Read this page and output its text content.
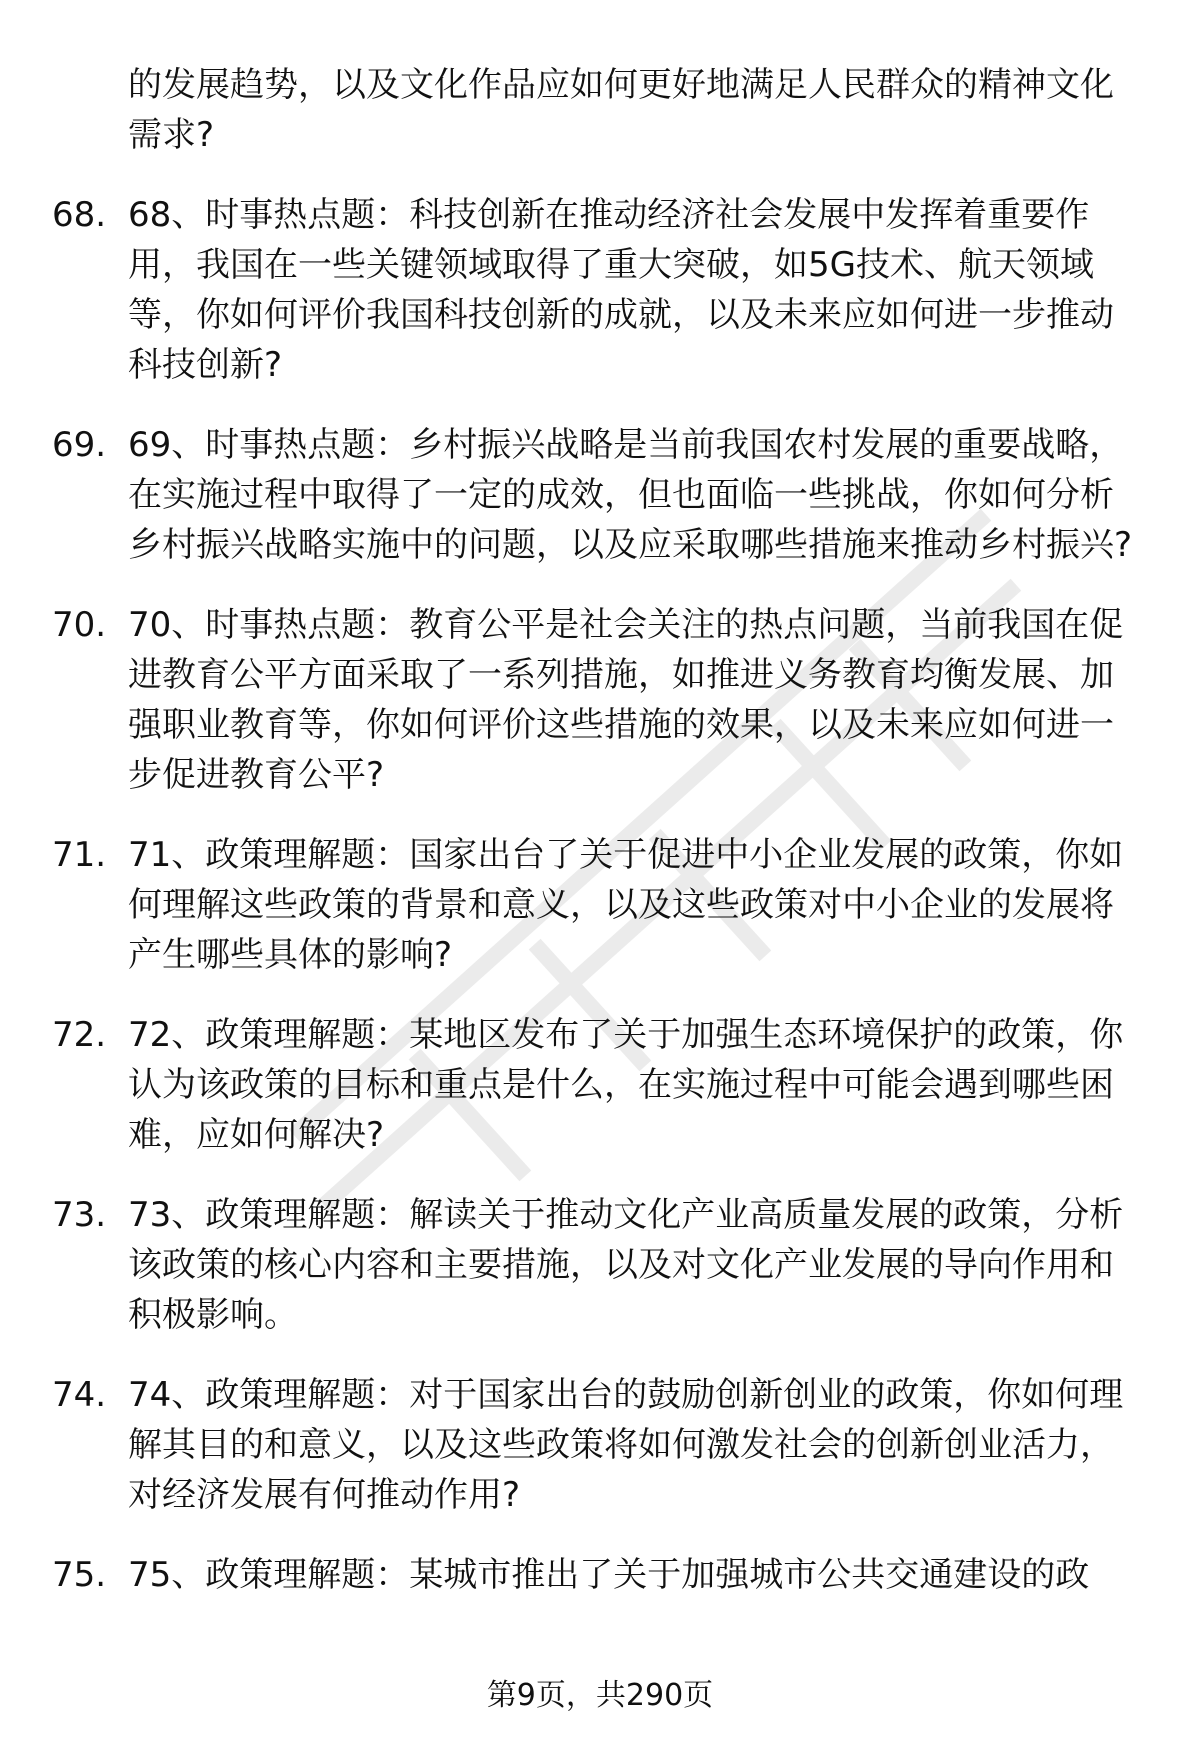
的发展趋势，以及文化作品应如何更好地满足人民群众的精神文化需求?
68. 68、时事热点题：科技创新在推动经济社会发展中发挥着重要作用，我国在一些关键领域取得了重大突破，如5G技术、航天领域等，你如何评价我国科技创新的成就，以及未来应如何进一步推动科技创新?
69. 69、时事热点题：乡村振兴战略是当前我国农村发展的重要战略，在实施过程中取得了一定的成效，但也面临一些挑战，你如何分析乡村振兴战略实施中的问题，以及应采取哪些措施来推动乡村振兴?
70. 70、时事热点题：教育公平是社会关注的热点问题，当前我国在促进教育公平方面采取了一系列措施，如推进义务教育均衡发展、加强职业教育等，你如何评价这些措施的效果，以及未来应如何进一步促进教育公平?
71. 71、政策理解题：国家出台了关于促进中小企业发展的政策，你如何理解这些政策的背景和意义，以及这些政策对中小企业的发展将产生哪些具体的影响?
72. 72、政策理解题：某地区发布了关于加强生态环境保护的政策，你认为该政策的目标和重点是什么，在实施过程中可能会遇到哪些困难，应如何解决?
73. 73、政策理解题：解读关于推动文化产业高质量发展的政策，分析该政策的核心内容和主要措施，以及对文化产业发展的导向作用和积极影响。
74. 74、政策理解题：对于国家出台的鼓励创新创业的政策，你如何理解其目的和意义，以及这些政策将如何激发社会的创新创业活力，对经济发展有何推动作用?
75. 75、政策理解题：某城市推出了关于加强城市公共交通建设的政
第9页，共290页
